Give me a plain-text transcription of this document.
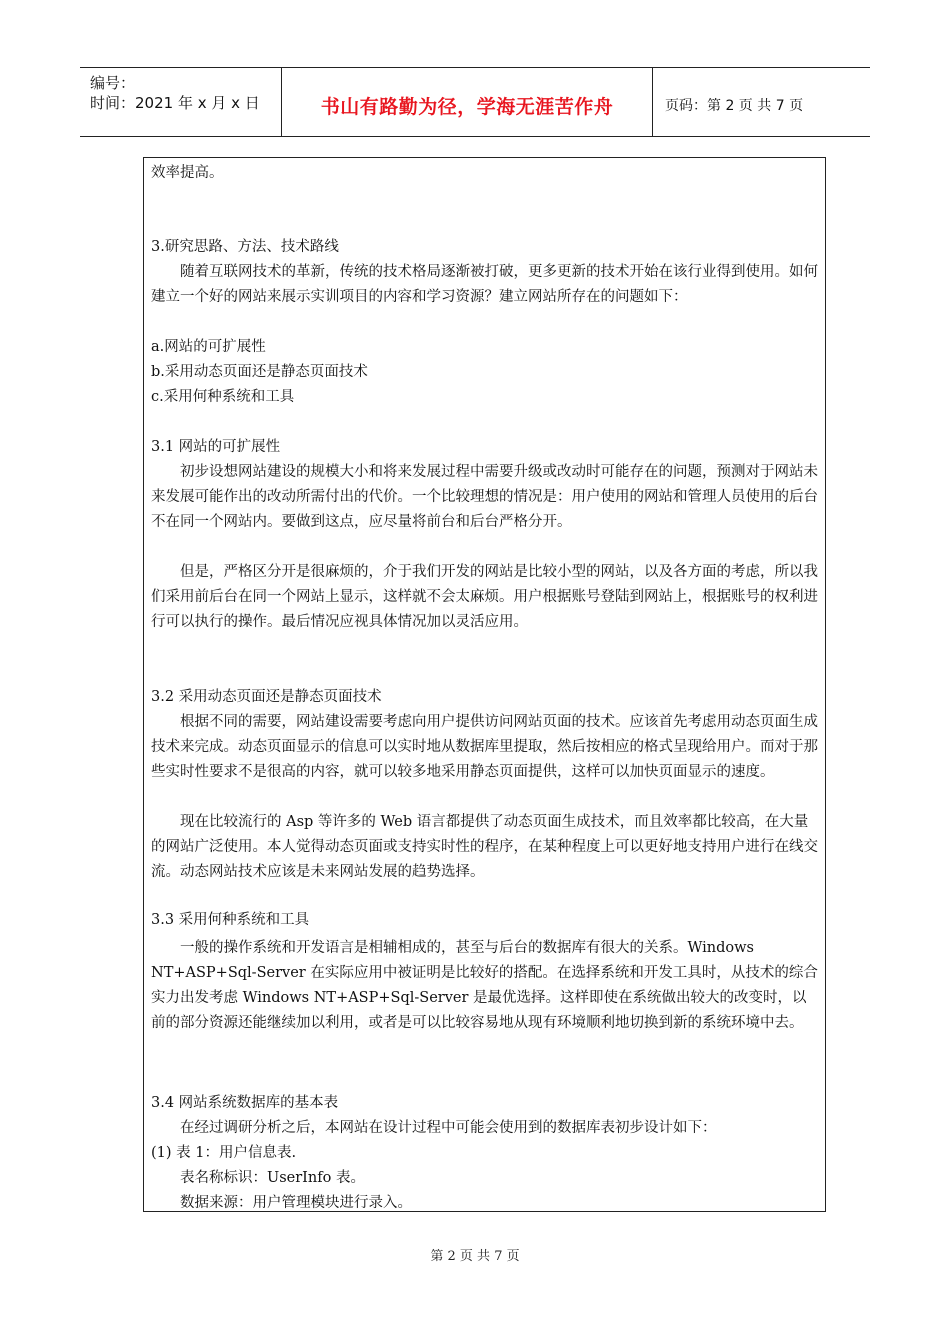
编号：
时间：2021 年 x 月 x 日	书山有路勤为径，学海无涯苦作舟	页码：第 2 页 共 7 页

效率提高。

3.研究思路、方法、技术路线

随着互联网技术的革新，传统的技术格局逐渐被打破，更多更新的技术开始在该行业得到使用。如何建立一个好的网站来展示实训项目的内容和学习资源？建立网站所存在的问题如下：

a.网站的可扩展性

b.采用动态页面还是静态页面技术

c.采用何种系统和工具

3.1 网站的可扩展性

初步设想网站建设的规模大小和将来发展过程中需要升级或改动时可能存在的问题，预测对于网站未来发展可能作出的改动所需付出的代价。一个比较理想的情况是：用户使用的网站和管理人员使用的后台不在同一个网站内。要做到这点，应尽量将前台和后台严格分开。

但是，严格区分开是很麻烦的，介于我们开发的网站是比较小型的网站，以及各方面的考虑，所以我们采用前后台在同一个网站上显示，这样就不会太麻烦。用户根据账号登陆到网站上，根据账号的权利进行可以执行的操作。最后情况应视具体情况加以灵活应用。

3.2 采用动态页面还是静态页面技术

根据不同的需要，网站建设需要考虑向用户提供访问网站页面的技术。应该首先考虑用动态页面生成技术来完成。动态页面显示的信息可以实时地从数据库里提取，然后按相应的格式呈现给用户。而对于那些实时性要求不是很高的内容，就可以较多地采用静态页面提供，这样可以加快页面显示的速度。

现在比较流行的 Asp 等许多的 Web 语言都提供了动态页面生成技术，而且效率都比较高，在大量的网站广泛使用。本人觉得动态页面或支持实时性的程序，在某种程度上可以更好地支持用户进行在线交流。动态网站技术应该是未来网站发展的趋势选择。

3.3 采用何种系统和工具

一般的操作系统和开发语言是相辅相成的，甚至与后台的数据库有很大的关系。Windows NT+ASP+Sql-Server 在实际应用中被证明是比较好的搭配。在选择系统和开发工具时，从技术的综合实力出发考虑 Windows NT+ASP+Sql-Server 是最优选择。这样即使在系统做出较大的改变时，以前的部分资源还能继续加以利用，或者是可以比较容易地从现有环境顺利地切换到新的系统环境中去。

3.4 网站系统数据库的基本表

在经过调研分析之后，本网站在设计过程中可能会使用到的数据库表初步设计如下：

(1) 表 1：用户信息表.

表名称标识：UserInfo 表。

数据来源：用户管理模块进行录入。

第 2 页 共 7 页
